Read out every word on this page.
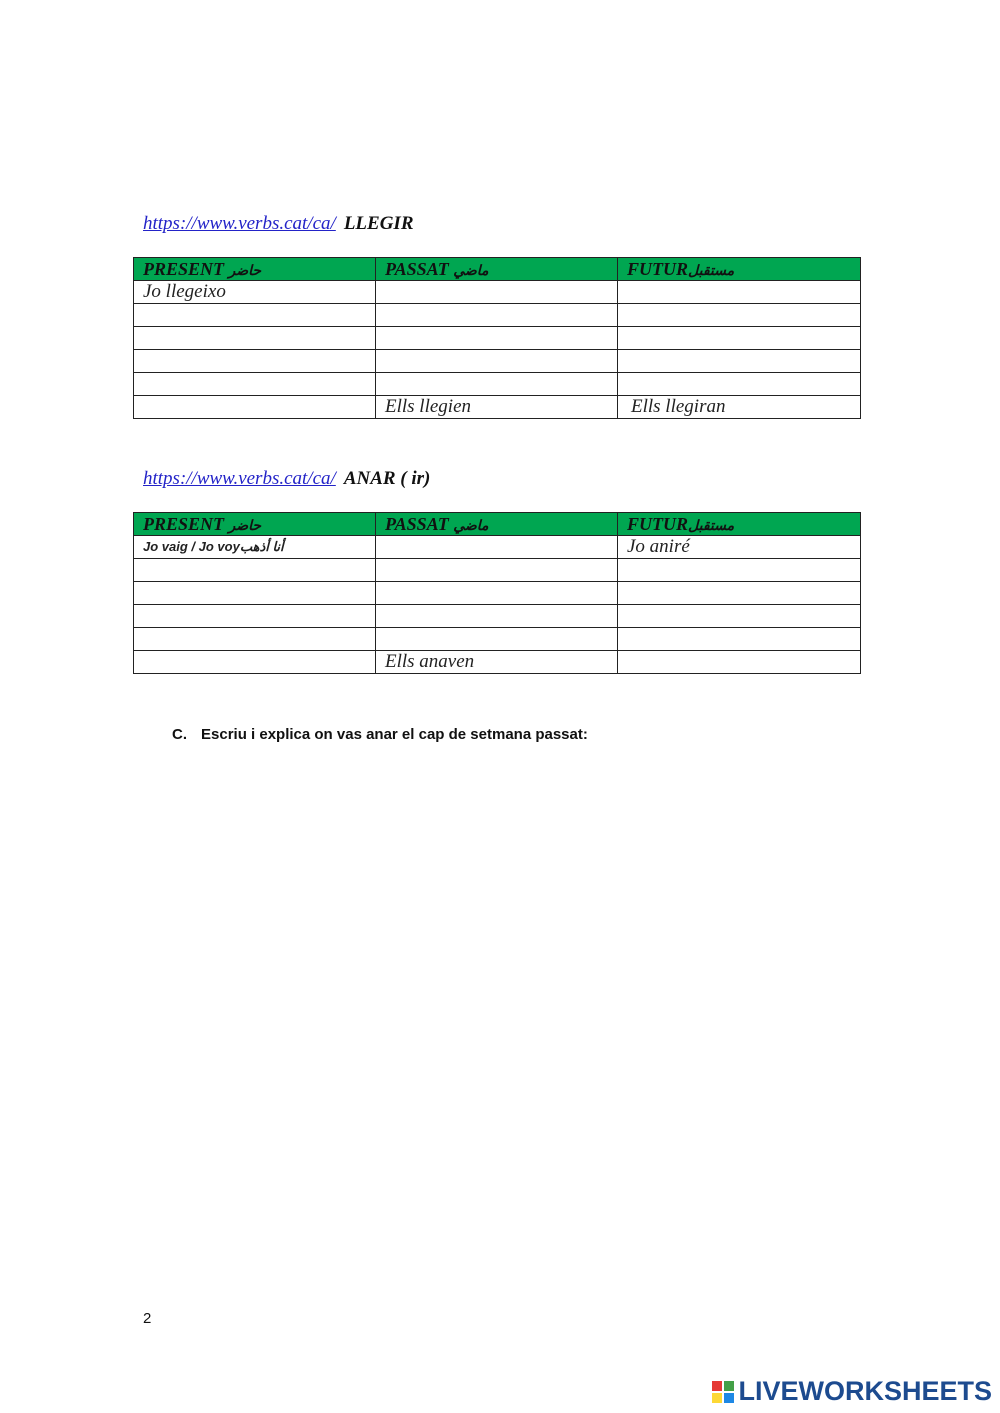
https://www.verbs.cat/ca/ LLEGIR
PRESENT حاضر	PASSAT ماضي	FUTURمستقبل
Jo llegeixo		

	Ells llegien	Ells llegiran
https://www.verbs.cat/ca/ ANAR ( ir)
PRESENT حاضر	PASSAT ماضي	FUTURمستقبل
Jo vaig / Jo voyأنا أذهب		Jo aniré

	Ells anaven	
C. Escriu i explica on vas anar el cap de setmana passat:
2
LIVEWORKSHEETS
